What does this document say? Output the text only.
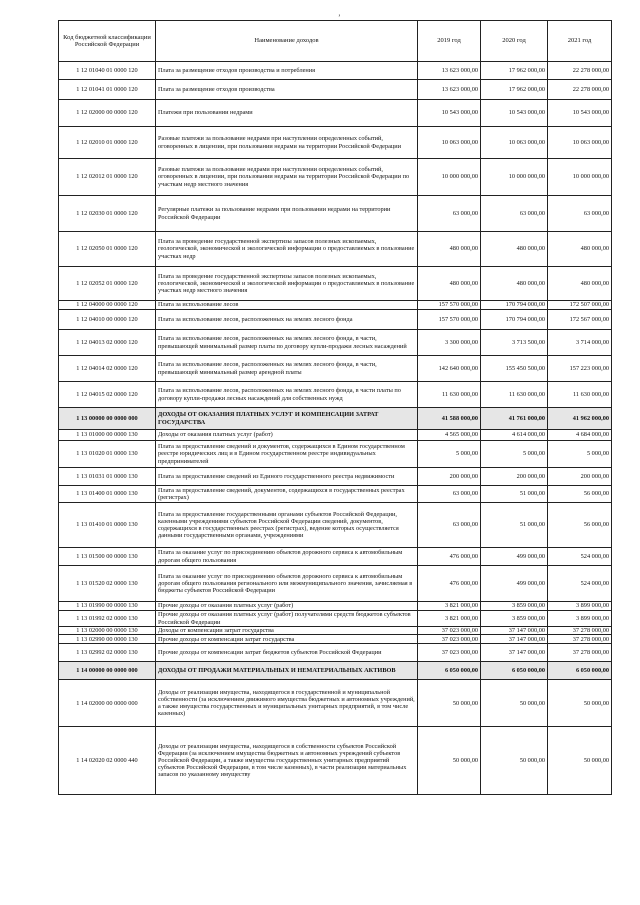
ʼ
Код бюджетной классификации Российской Федерации	Наименование доходов	2019 год	2020 год	2021 год
1 12 01040 01 0000 120	Плата за размещение отходов производства и потребления	13 623 000,00	17 962 000,00	22 278 000,00
1 12 01041 01 0000 120	Плата за размещение отходов производства	13 623 000,00	17 962 000,00	22 278 000,00
1 12 02000 00 0000 120	Платежи при пользовании недрами	10 543 000,00	10 543 000,00	10 543 000,00
1 12 02010 01 0000 120	Разовые платежи за пользование недрами при наступлении определенных событий, оговоренных в лицензии, при пользовании недрами на территории Российской Федерации	10 063 000,00	10 063 000,00	10 063 000,00
1 12 02012 01 0000 120	Разовые платежи за пользование недрами при наступлении определенных событий, оговоренных в лицензии, при пользовании недрами на территории Российской Федерации по участкам недр местного значения	10 000 000,00	10 000 000,00	10 000 000,00
1 12 02030 01 0000 120	Регулярные платежи за пользование недрами при пользовании недрами на территории Российской Федерации	63 000,00	63 000,00	63 000,00
1 12 02050 01 0000 120	Плата за проведение государственной экспертизы запасов полезных ископаемых, геологической, экономической и экологической информации о предоставляемых в пользование участках недр	480 000,00	480 000,00	480 000,00
1 12 02052 01 0000 120	Плата за проведение государственной экспертизы запасов полезных ископаемых, геологической, экономической и экологической информации о предоставляемых в пользование участках недр местного значения	480 000,00	480 000,00	480 000,00
1 12 04000 00 0000 120	Плата за использование лесов	157 570 000,00	170 794 000,00	172 507 000,00
1 12 04010 00 0000 120	Плата за использование лесов, расположенных на землях лесного фонда	157 570 000,00	170 794 000,00	172 567 000,00
1 12 04013 02 0000 120	Плата за использование лесов, расположенных на землях лесного фонда, в части, превышающей минимальный размер платы по договору купли-продажи лесных насаждений	3 300 000,00	3 713 500,00	3 714 000,00
1 12 04014 02 0000 120	Плата за использование лесов, расположенных на землях лесного фонда, в части, превышающей минимальный размер арендной платы	142 640 000,00	155 450 500,00	157 223 000,00
1 12 04015 02 0000 120	Плата за использование лесов, расположенных на землях лесного фонда, в части платы по договору купли-продажи лесных насаждений для собственных нужд	11 630 000,00	11 630 000,00	11 630 000,00
1 13 00000 00 0000 000	ДОХОДЫ ОТ ОКАЗАНИЯ ПЛАТНЫХ УСЛУГ И КОМПЕНСАЦИИ ЗАТРАТ ГОСУДАРСТВА	41 588 000,00	41 761 000,00	41 962 000,00
1 13 01000 00 0000 130	Доходы от оказания платных услуг (работ)	4 565 000,00	4 614 000,00	4 684 000,00
1 13 01020 01 0000 130	Плата за предоставление сведений и документов, содержащихся в Едином государственном реестре юридических лиц и в Едином государственном реестре индивидуальных предпринимателей	5 000,00	5 000,00	5 000,00
1 13 01031 01 0000 130	Плата за предоставление сведений из Единого государственного реестра недвижимости	200 000,00	200 000,00	200 000,00
1 13 01400 01 0000 130	Плата за предоставление сведений, документов, содержащихся в государственных реестрах (регистрах)	63 000,00	51 000,00	56 000,00
1 13 01410 01 0000 130	Плата за предоставление государственными органами субъектов Российской Федерации, казенными учреждениями субъектов Российской Федерации сведений, документов, содержащихся в государственных реестрах (регистрах), ведение которых осуществляется данными государственными органами, учреждениями	63 000,00	51 000,00	56 000,00
1 13 01500 00 0000 130	Плата за оказание услуг по присоединению объектов дорожного сервиса к автомобильным дорогам общего пользования	476 000,00	499 000,00	524 000,00
1 13 01520 02 0000 130	Плата за оказание услуг по присоединению объектов дорожного сервиса к автомобильным дорогам общего пользования регионального или межмуниципального значения, зачисляемая в бюджеты субъектов Российской Федерации	476 000,00	499 000,00	524 000,00
1 13 01990 00 0000 130	Прочие доходы от оказания платных услуг (работ)	3 821 000,00	3 859 000,00	3 899 000,00
1 13 01992 02 0000 130	Прочие доходы от оказания платных услуг (работ) получателями средств бюджетов субъектов Российской Федерации	3 821 000,00	3 859 000,00	3 899 000,00
1 13 02000 00 0000 130	Доходы от компенсации затрат государства	37 023 000,00	37 147 000,00	37 278 000,00
1 13 02990 00 0000 130	Прочие доходы от компенсации затрат государства	37 023 000,00	37 147 000,00	37 278 000,00
1 13 02992 02 0000 130	Прочие доходы от компенсации затрат бюджетов субъектов Российской Федерации	37 023 000,00	37 147 000,00	37 278 000,00
1 14 00000 00 0000 000	ДОХОДЫ ОТ ПРОДАЖИ МАТЕРИАЛЬНЫХ И НЕМАТЕРИАЛЬНЫХ АКТИВОВ	6 050 000,00	6 050 000,00	6 050 000,00
1 14 02000 00 0000 000	Доходы от реализации имущества, находящегося в государственной и муниципальной собственности (за исключением движимого имущества бюджетных и автономных учреждений, а также имущества государственных и муниципальных унитарных предприятий, в том числе казенных)	50 000,00	50 000,00	50 000,00
1 14 02020 02 0000 440	Доходы от реализации имущества, находящегося в собственности субъектов Российской Федерации (за исключением имущества бюджетных и автономных учреждений субъектов Российской Федерации, а также имущества государственных унитарных предприятий субъектов Российской Федерации, в том числе казенных), в части реализации материальных запасов по указанному имуществу	50 000,00	50 000,00	50 000,00
